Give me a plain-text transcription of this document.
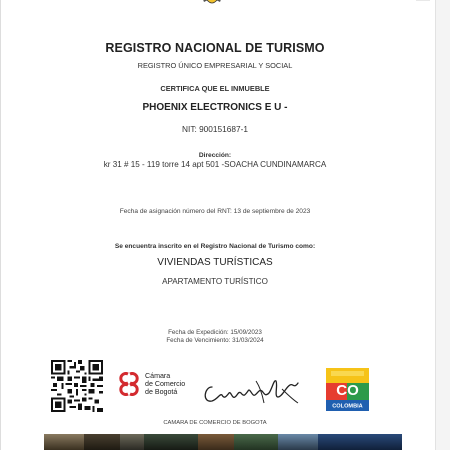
REGISTRO NACIONAL DE TURISMO
REGISTRO ÚNICO EMPRESARIAL Y SOCIAL
CERTIFICA QUE EL INMUEBLE
PHOENIX ELECTRONICS E U -
NIT: 900151687-1
Dirección:
kr 31 # 15 - 119 torre 14 apt 501 -SOACHA CUNDINAMARCA
Fecha de asignación número del RNT: 13 de septiembre de 2023
Se encuentra inscrito en el Registro Nacional de Turismo como:
VIVIENDAS TURÍSTICAS
APARTAMENTO TURÍSTICO
Fecha de Expedición: 15/09/2023
Fecha de Vencimiento: 31/03/2024
Cámara
de Comercio
de Bogotá	CO
COLOMBIA
CAMARA DE COMERCIO DE BOGOTA
